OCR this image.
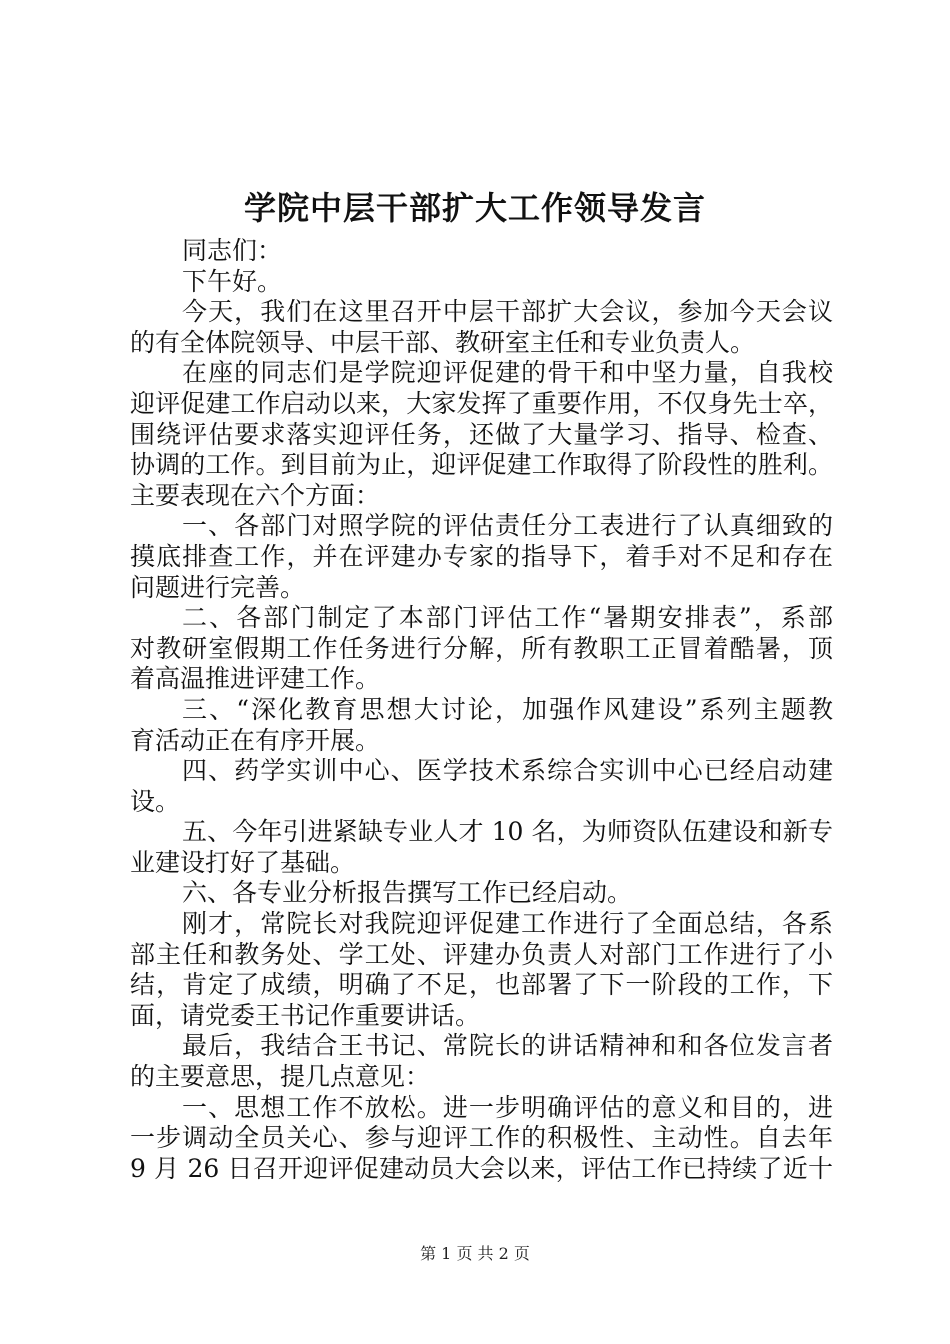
学院中层干部扩大工作领导发言
同志们：
下午好。
今天，我们在这里召开中层干部扩大会议，参加今天会议
的有全体院领导、中层干部、教研室主任和专业负责人。
在座的同志们是学院迎评促建的骨干和中坚力量，自我校
迎评促建工作启动以来，大家发挥了重要作用，不仅身先士卒，
围绕评估要求落实迎评任务，还做了大量学习、指导、检查、
协调的工作。到目前为止，迎评促建工作取得了阶段性的胜利。
主要表现在六个方面：
一、各部门对照学院的评估责任分工表进行了认真细致的
摸底排查工作，并在评建办专家的指导下，着手对不足和存在
问题进行完善。
二、各部门制定了本部门评估工作“暑期安排表”，系部
对教研室假期工作任务进行分解，所有教职工正冒着酷暑，顶
着高温推进评建工作。
三、“深化教育思想大讨论，加强作风建设”系列主题教
育活动正在有序开展。
四、药学实训中心、医学技术系综合实训中心已经启动建
设。
五、今年引进紧缺专业人才 10 名，为师资队伍建设和新专
业建设打好了基础。
六、各专业分析报告撰写工作已经启动。
刚才，常院长对我院迎评促建工作进行了全面总结，各系
部主任和教务处、学工处、评建办负责人对部门工作进行了小
结，肯定了成绩，明确了不足，也部署了下一阶段的工作，下
面，请党委王书记作重要讲话。
最后，我结合王书记、常院长的讲话精神和和各位发言者
的主要意思，提几点意见：
一、思想工作不放松。进一步明确评估的意义和目的，进
一步调动全员关心、参与迎评工作的积极性、主动性。自去年
9 月 26 日召开迎评促建动员大会以来，评估工作已持续了近十
第 1 页 共 2 页
